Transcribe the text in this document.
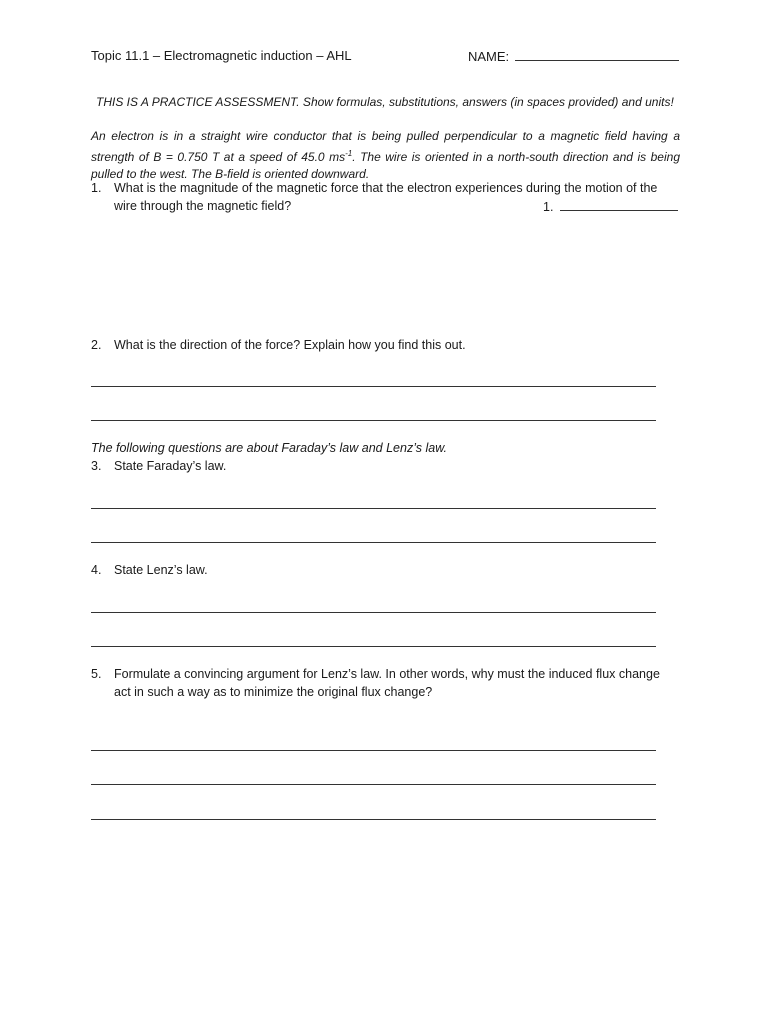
Topic 11.1 – Electromagnetic induction – AHL	NAME:
THIS IS A PRACTICE ASSESSMENT. Show formulas, substitutions, answers (in spaces provided) and units!
An electron is in a straight wire conductor that is being pulled perpendicular to a magnetic field having a strength of B = 0.750 T at a speed of 45.0 $ms^{-1}$. The wire is oriented in a north-south direction and is being pulled to the west. The B-field is oriented downward.
1. What is the magnitude of the magnetic force that the electron experiences during the motion of the
wire through the magnetic field?	1.
2. What is the direction of the force? Explain how you find this out.
The following questions are about Faraday’s law and Lenz’s law.
3. State Faraday’s law.
4. State Lenz’s law.
5. Formulate a convincing argument for Lenz’s law. In other words, why must the induced flux change
act in such a way as to minimize the original flux change?
